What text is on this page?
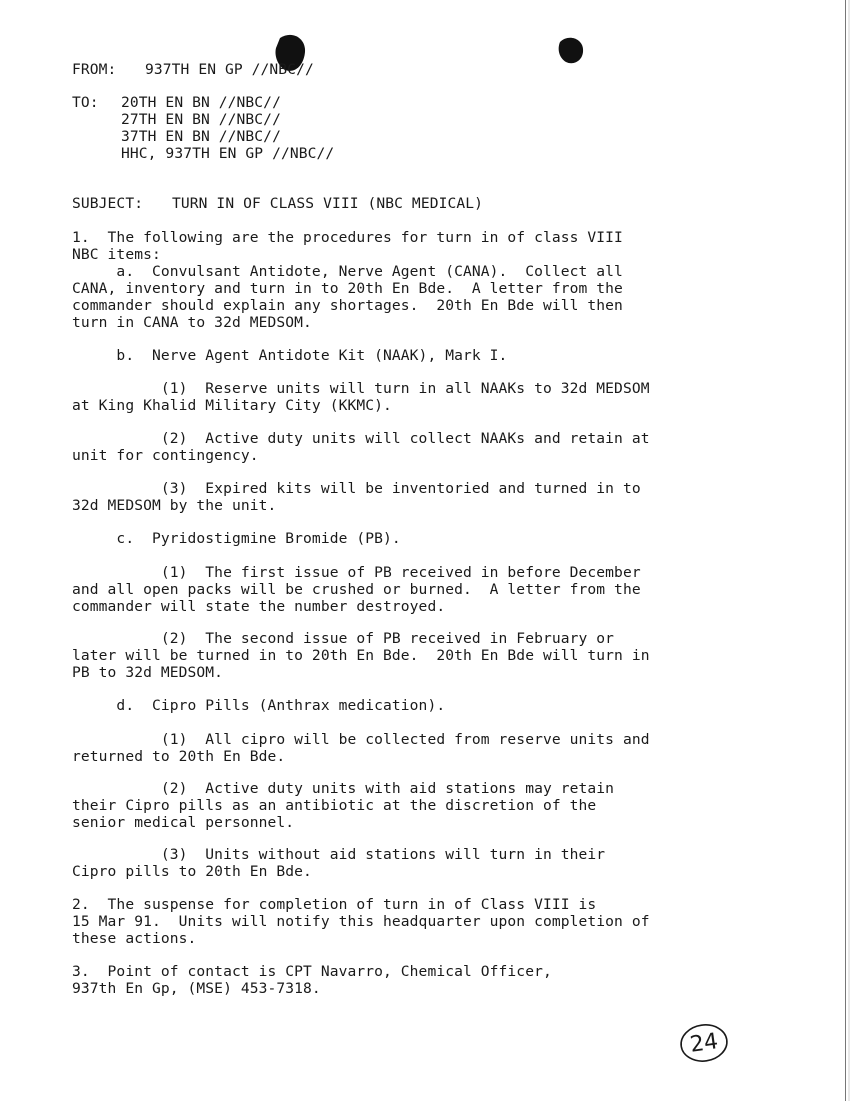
FROM: 937TH EN GP //NBC//
TO: 20TH EN BN //NBC//
27TH EN BN //NBC//
37TH EN BN //NBC//
HHC, 937TH EN GP //NBC//
SUBJECT: TURN IN OF CLASS VIII (NBC MEDICAL)
1.  The following are the procedures for turn in of class VIII
NBC items:
a.  Convulsant Antidote, Nerve Agent (CANA).  Collect all
CANA, inventory and turn in to 20th En Bde.  A letter from the
commander should explain any shortages.  20th En Bde will then
turn in CANA to 32d MEDSOM.
b.  Nerve Agent Antidote Kit (NAAK), Mark I.
(1)  Reserve units will turn in all NAAKs to 32d MEDSOM
at King Khalid Military City (KKMC).
(2)  Active duty units will collect NAAKs and retain at
unit for contingency.
(3)  Expired kits will be inventoried and turned in to
32d MEDSOM by the unit.
c.  Pyridostigmine Bromide (PB).
(1)  The first issue of PB received in before December
and all open packs will be crushed or burned.  A letter from the
commander will state the number destroyed.
(2)  The second issue of PB received in February or
later will be turned in to 20th En Bde.  20th En Bde will turn in
PB to 32d MEDSOM.
d.  Cipro Pills (Anthrax medication).
(1)  All cipro will be collected from reserve units and
returned to 20th En Bde.
(2)  Active duty units with aid stations may retain
their Cipro pills as an antibiotic at the discretion of the
senior medical personnel.
(3)  Units without aid stations will turn in their
Cipro pills to 20th En Bde.
2.  The suspense for completion of turn in of Class VIII is
15 Mar 91.  Units will notify this headquarter upon completion of
these actions.
3.  Point of contact is CPT Navarro, Chemical Officer,
937th En Gp, (MSE) 453-7318.
24
